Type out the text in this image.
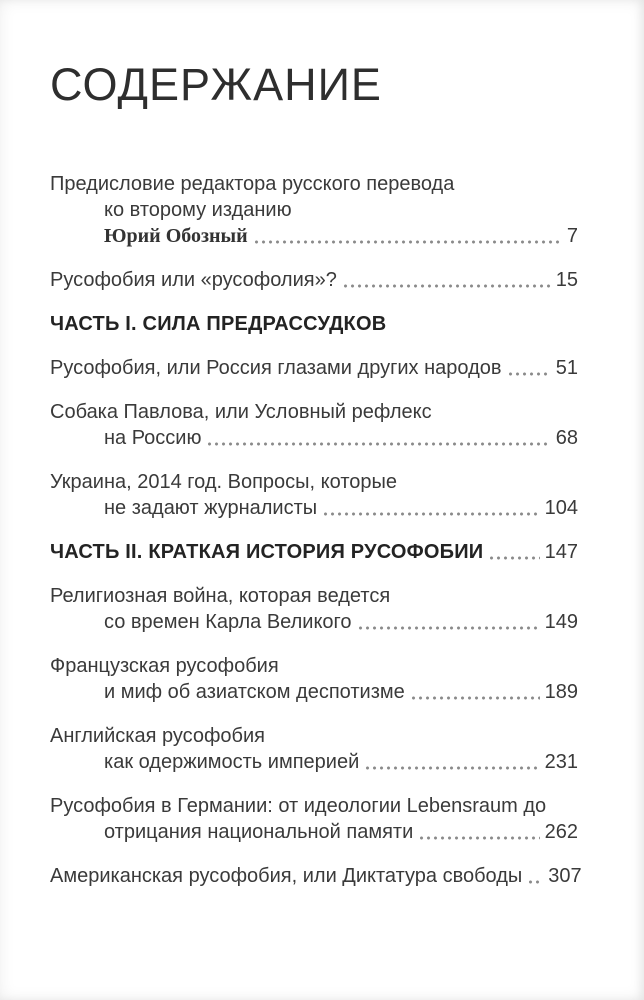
СОДЕРЖАНИЕ
Предисловие редактора русского перевода
ко второму изданию
Юрий Обозный	7
Русофобия или «русофолия»?	15
ЧАСТЬ I. СИЛА ПРЕДРАССУДКОВ
Русофобия, или Россия глазами других народов	51
Собака Павлова, или Условный рефлекс
на Россию	68
Украина, 2014 год. Вопросы, которые
не задают журналисты	104
ЧАСТЬ II. КРАТКАЯ ИСТОРИЯ РУСОФОБИИ	147
Религиозная война, которая ведется
со времен Карла Великого	149
Французская русофобия
и миф об азиатском деспотизме	189
Английская русофобия
как одержимость империей	231
Русофобия в Германии: от идеологии Lebensraum до
отрицания национальной памяти	262
Американская русофобия, или Диктатура свободы 307
